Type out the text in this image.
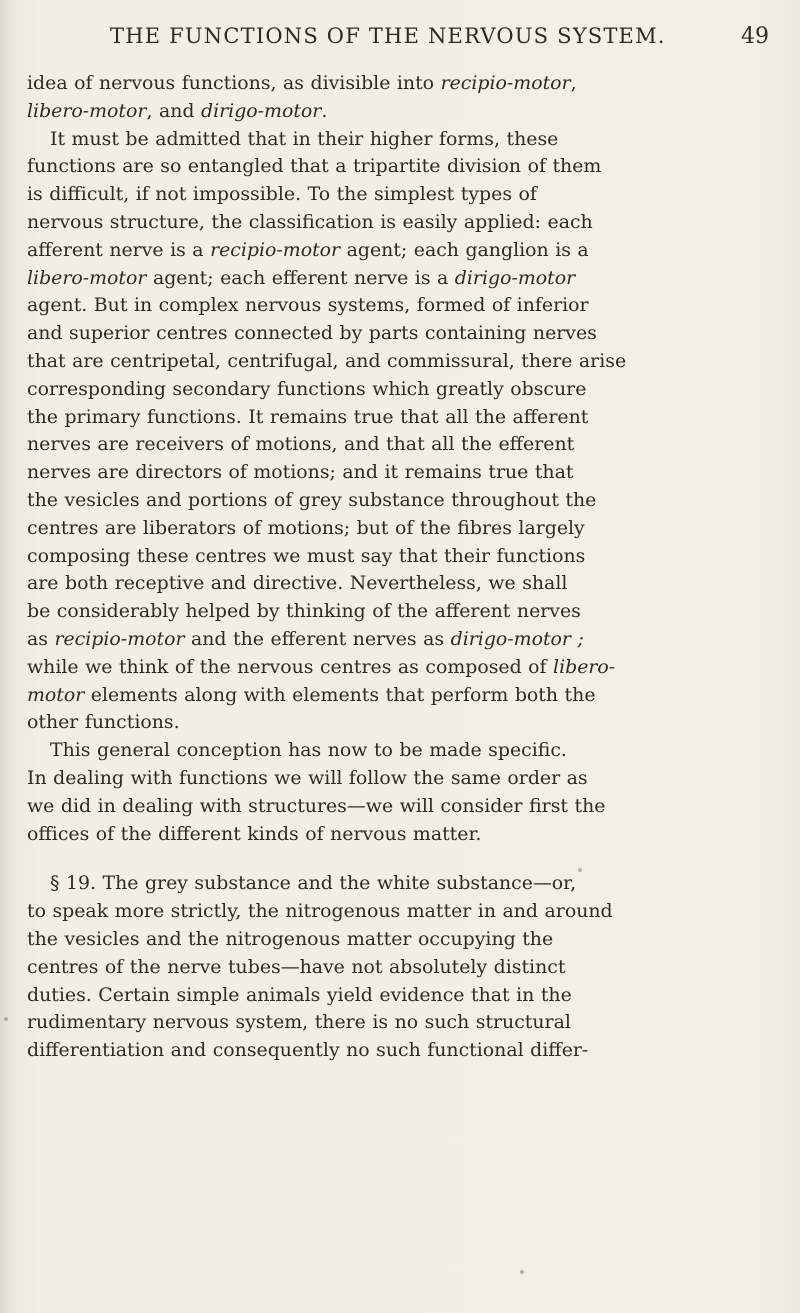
THE FUNCTIONS OF THE NERVOUS SYSTEM.	49
idea of nervous functions, as divisible into recipio-motor,
libero-motor, and dirigo-motor.
It must be admitted that in their higher forms, these
functions are so entangled that a tripartite division of them
is difficult, if not impossible. To the simplest types of
nervous structure, the classification is easily applied: each
afferent nerve is a recipio-motor agent; each ganglion is a
libero-motor agent; each efferent nerve is a dirigo-motor
agent. But in complex nervous systems, formed of inferior
and superior centres connected by parts containing nerves
that are centripetal, centrifugal, and commissural, there arise
corresponding secondary functions which greatly obscure
the primary functions. It remains true that all the afferent
nerves are receivers of motions, and that all the efferent
nerves are directors of motions; and it remains true that
the vesicles and portions of grey substance throughout the
centres are liberators of motions; but of the fibres largely
composing these centres we must say that their functions
are both receptive and directive. Nevertheless, we shall
be considerably helped by thinking of the afferent nerves
as recipio-motor and the efferent nerves as dirigo-motor ;
while we think of the nervous centres as composed of libero-
motor elements along with elements that perform both the
other functions.
This general conception has now to be made specific.
In dealing with functions we will follow the same order as
we did in dealing with structures—we will consider first the
offices of the different kinds of nervous matter.
§ 19. The grey substance and the white substance—or,
to speak more strictly, the nitrogenous matter in and around
the vesicles and the nitrogenous matter occupying the
centres of the nerve tubes—have not absolutely distinct
duties. Certain simple animals yield evidence that in the
rudimentary nervous system, there is no such structural
differentiation and consequently no such functional differ-
